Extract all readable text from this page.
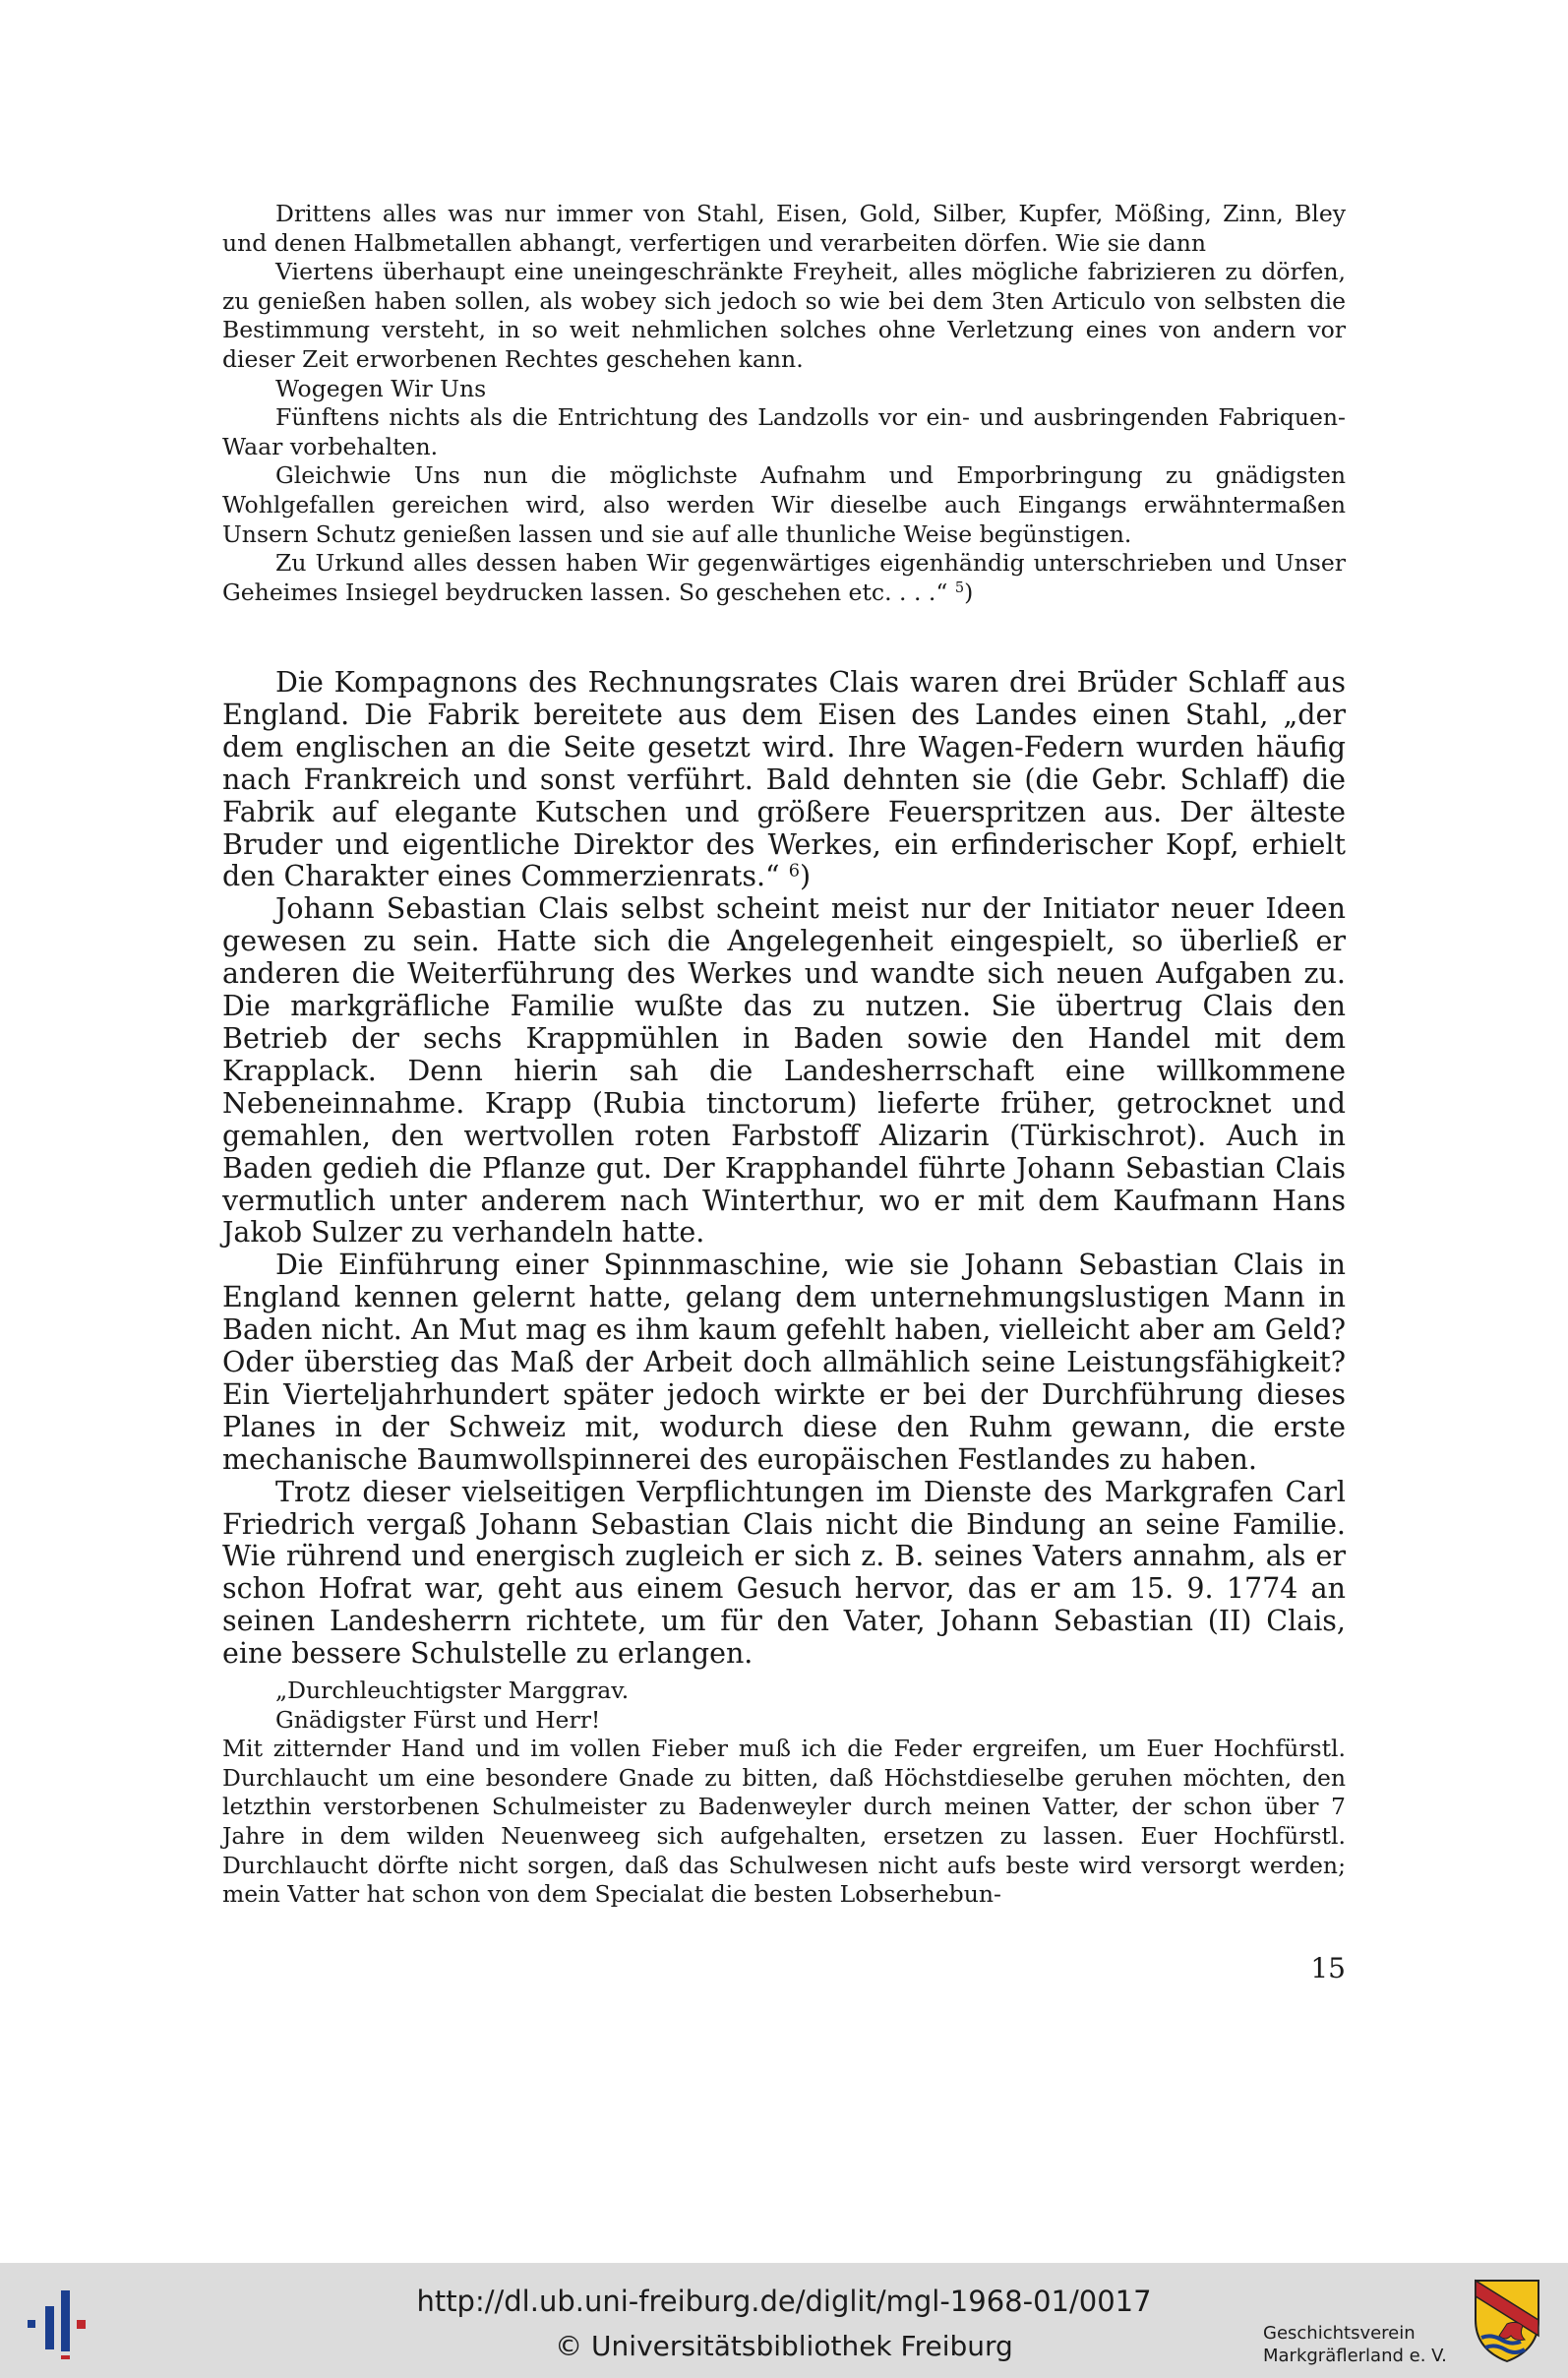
Drittens alles was nur immer von Stahl, Eisen, Gold, Silber, Kupfer, Mößing, Zinn, Bley und denen Halbmetallen abhangt, verfertigen und verarbeiten dörfen. Wie sie dann

Viertens überhaupt eine uneingeschränkte Freyheit, alles mögliche fabrizieren zu dörfen, zu genießen haben sollen, als wobey sich jedoch so wie bei dem 3ten Articulo von selbsten die Bestimmung versteht, in so weit nehmlichen solches ohne Verletzung eines von andern vor dieser Zeit erworbenen Rechtes geschehen kann.

Wogegen Wir Uns

Fünftens nichts als die Entrichtung des Landzolls vor ein- und ausbringenden Fabriquen-Waar vorbehalten.

Gleichwie Uns nun die möglichste Aufnahm und Emporbringung zu gnädigsten Wohlgefallen gereichen wird, also werden Wir dieselbe auch Eingangs erwähntermaßen Unsern Schutz genießen lassen und sie auf alle thunliche Weise begünstigen.

Zu Urkund alles dessen haben Wir gegenwärtiges eigenhändig unterschrieben und Unser Geheimes Insiegel beydrucken lassen. So geschehen etc. . . .“ $^5$)

Die Kompagnons des Rechnungsrates Clais waren drei Brüder Schlaff aus England. Die Fabrik bereitete aus dem Eisen des Landes einen Stahl, „der dem englischen an die Seite gesetzt wird. Ihre Wagen-Federn wurden häufig nach Frankreich und sonst verführt. Bald dehnten sie (die Gebr. Schlaff) die Fabrik auf elegante Kutschen und größere Feuerspritzen aus. Der älteste Bruder und eigentliche Direktor des Werkes, ein erfinderischer Kopf, erhielt den Charakter eines Commerzienrats.“ $^6$)

Johann Sebastian Clais selbst scheint meist nur der Initiator neuer Ideen gewesen zu sein. Hatte sich die Angelegenheit eingespielt, so überließ er anderen die Weiterführung des Werkes und wandte sich neuen Aufgaben zu. Die markgräfliche Familie wußte das zu nutzen. Sie übertrug Clais den Betrieb der sechs Krappmühlen in Baden sowie den Handel mit dem Krapplack. Denn hierin sah die Landesherrschaft eine willkommene Nebeneinnahme. Krapp (Rubia tinctorum) lieferte früher, getrocknet und gemahlen, den wertvollen roten Farbstoff Alizarin (Türkischrot). Auch in Baden gedieh die Pflanze gut. Der Krapphandel führte Johann Sebastian Clais vermutlich unter anderem nach Winterthur, wo er mit dem Kaufmann Hans Jakob Sulzer zu verhandeln hatte.

Die Einführung einer Spinnmaschine, wie sie Johann Sebastian Clais in England kennen gelernt hatte, gelang dem unternehmungslustigen Mann in Baden nicht. An Mut mag es ihm kaum gefehlt haben, vielleicht aber am Geld? Oder überstieg das Maß der Arbeit doch allmählich seine Leistungsfähigkeit? Ein Vierteljahrhundert später jedoch wirkte er bei der Durchführung dieses Planes in der Schweiz mit, wodurch diese den Ruhm gewann, die erste mechanische Baumwollspinnerei des europäischen Festlandes zu haben.

Trotz dieser vielseitigen Verpflichtungen im Dienste des Markgrafen Carl Friedrich vergaß Johann Sebastian Clais nicht die Bindung an seine Familie. Wie rührend und energisch zugleich er sich z. B. seines Vaters annahm, als er schon Hofrat war, geht aus einem Gesuch hervor, das er am 15. 9. 1774 an seinen Landesherrn richtete, um für den Vater, Johann Sebastian (II) Clais, eine bessere Schulstelle zu erlangen.

„Durchleuchtigster Marggrav.

Gnädigster Fürst und Herr!

Mit zitternder Hand und im vollen Fieber muß ich die Feder ergreifen, um Euer Hochfürstl. Durchlaucht um eine besondere Gnade zu bitten, daß Höchstdieselbe geruhen möchten, den letzthin verstorbenen Schulmeister zu Badenweyler durch meinen Vatter, der schon über 7 Jahre in dem wilden Neuenweeg sich aufgehalten, ersetzen zu lassen. Euer Hochfürstl. Durchlaucht dörfte nicht sorgen, daß das Schulwesen nicht aufs beste wird versorgt werden; mein Vatter hat schon von dem Specialat die besten Lobserhebun-

15
http://dl.ub.uni-freiburg.de/diglit/mgl-1968-01/0017
© Universitätsbibliothek Freiburg	Geschichtsverein
Markgräflerland e. V.
